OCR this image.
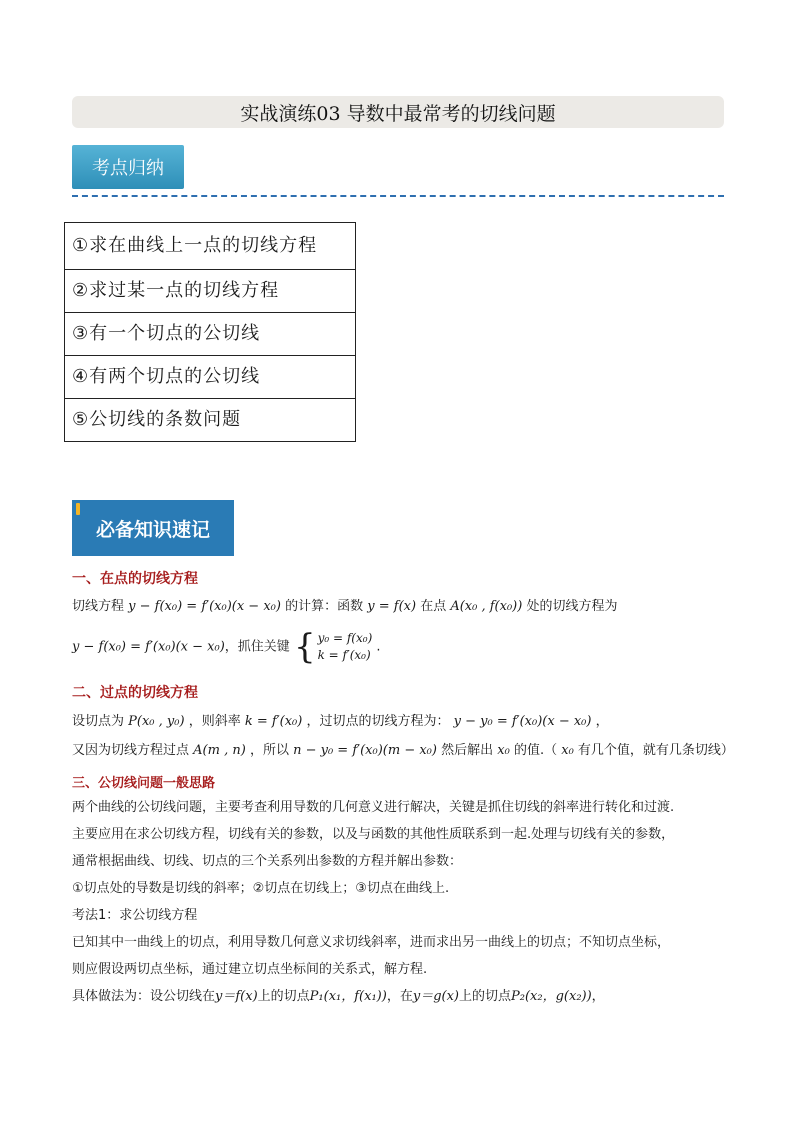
实战演练03 导数中最常考的切线问题
考点归纳
①求在曲线上一点的切线方程
②求过某一点的切线方程
③有一个切点的公切线
④有两个切点的公切线
⑤公切线的条数问题
必备知识速记
一、在点的切线方程
切线方程 y − f(x₀) = f′(x₀)(x − x₀) 的计算：函数 y = f(x) 在点 A(x₀ , f(x₀)) 处的切线方程为
y − f(x₀) = f′(x₀)(x − x₀)，抓住关键 { y₀ = f(x₀)
k = f′(x₀)
.
二、过点的切线方程
设切点为 P(x₀ , y₀) ，则斜率 k = f′(x₀) ，过切点的切线方程为： y − y₀ = f′(x₀)(x − x₀) ，
又因为切线方程过点 A(m , n) ，所以 n − y₀ = f′(x₀)(m − x₀) 然后解出 x₀ 的值.（ x₀ 有几个值，就有几条切线）
三、公切线问题一般思路
两个曲线的公切线问题，主要考查利用导数的几何意义进行解决，关键是抓住切线的斜率进行转化和过渡.
主要应用在求公切线方程，切线有关的参数，以及与函数的其他性质联系到一起.处理与切线有关的参数，
通常根据曲线、切线、切点的三个关系列出参数的方程并解出参数：
①切点处的导数是切线的斜率；②切点在切线上；③切点在曲线上.
考法1：求公切线方程
已知其中一曲线上的切点，利用导数几何意义求切线斜率，进而求出另一曲线上的切点；不知切点坐标，
则应假设两切点坐标，通过建立切点坐标间的关系式，解方程.
具体做法为：设公切线在y＝f(x)上的切点P₁(x₁，f(x₁))，在y＝g(x)上的切点P₂(x₂，g(x₂))，
